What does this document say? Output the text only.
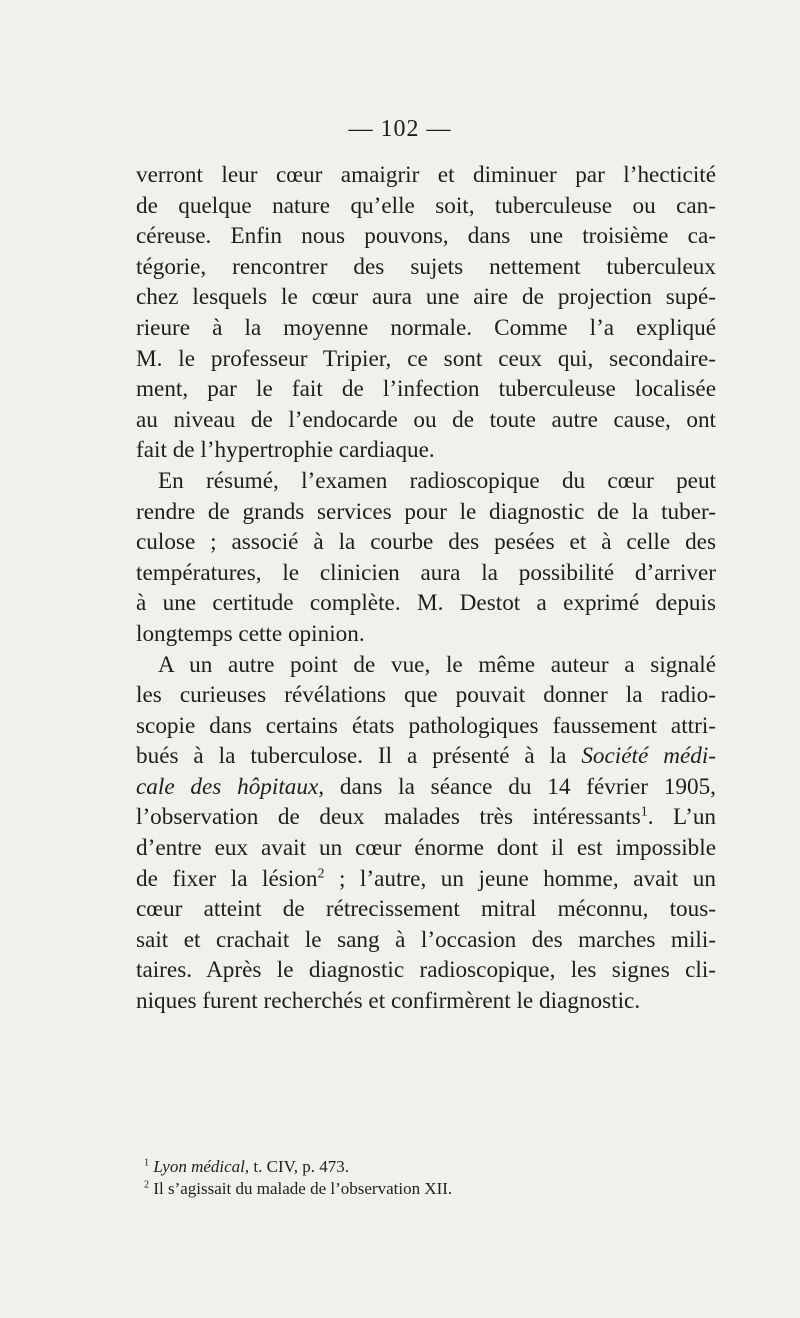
— 102 —
verront leur cœur amaigrir et diminuer par l’hecticité
de quelque nature qu’elle soit, tuberculeuse ou can-
céreuse. Enfin nous pouvons, dans une troisième ca-
tégorie, rencontrer des sujets nettement tuberculeux
chez lesquels le cœur aura une aire de projection supé-
rieure à la moyenne normale. Comme l’a expliqué
M. le professeur Tripier, ce sont ceux qui, secondaire-
ment, par le fait de l’infection tuberculeuse localisée
au niveau de l’endocarde ou de toute autre cause, ont
fait de l’hypertrophie cardiaque.
En résumé, l’examen radioscopique du cœur peut
rendre de grands services pour le diagnostic de la tuber-
culose ; associé à la courbe des pesées et à celle des
températures, le clinicien aura la possibilité d’arriver
à une certitude complète. M. Destot a exprimé depuis
longtemps cette opinion.
A un autre point de vue, le même auteur a signalé
les curieuses révélations que pouvait donner la radio-
scopie dans certains états pathologiques faussement attri-
bués à la tuberculose. Il a présenté à la Société médi-
cale des hôpitaux, dans la séance du 14 février 1905,
l’observation de deux malades très intéressants$^1$. L’un
d’entre eux avait un cœur énorme dont il est impossible
de fixer la lésion$^2$ ; l’autre, un jeune homme, avait un
cœur atteint de rétrecissement mitral méconnu, tous-
sait et crachait le sang à l’occasion des marches mili-
taires. Après le diagnostic radioscopique, les signes cli-
niques furent recherchés et confirmèrent le diagnostic.
$^1$ Lyon médical, t. CIV, p. 473.
$^2$ Il s’agissait du malade de l’observation XII.
